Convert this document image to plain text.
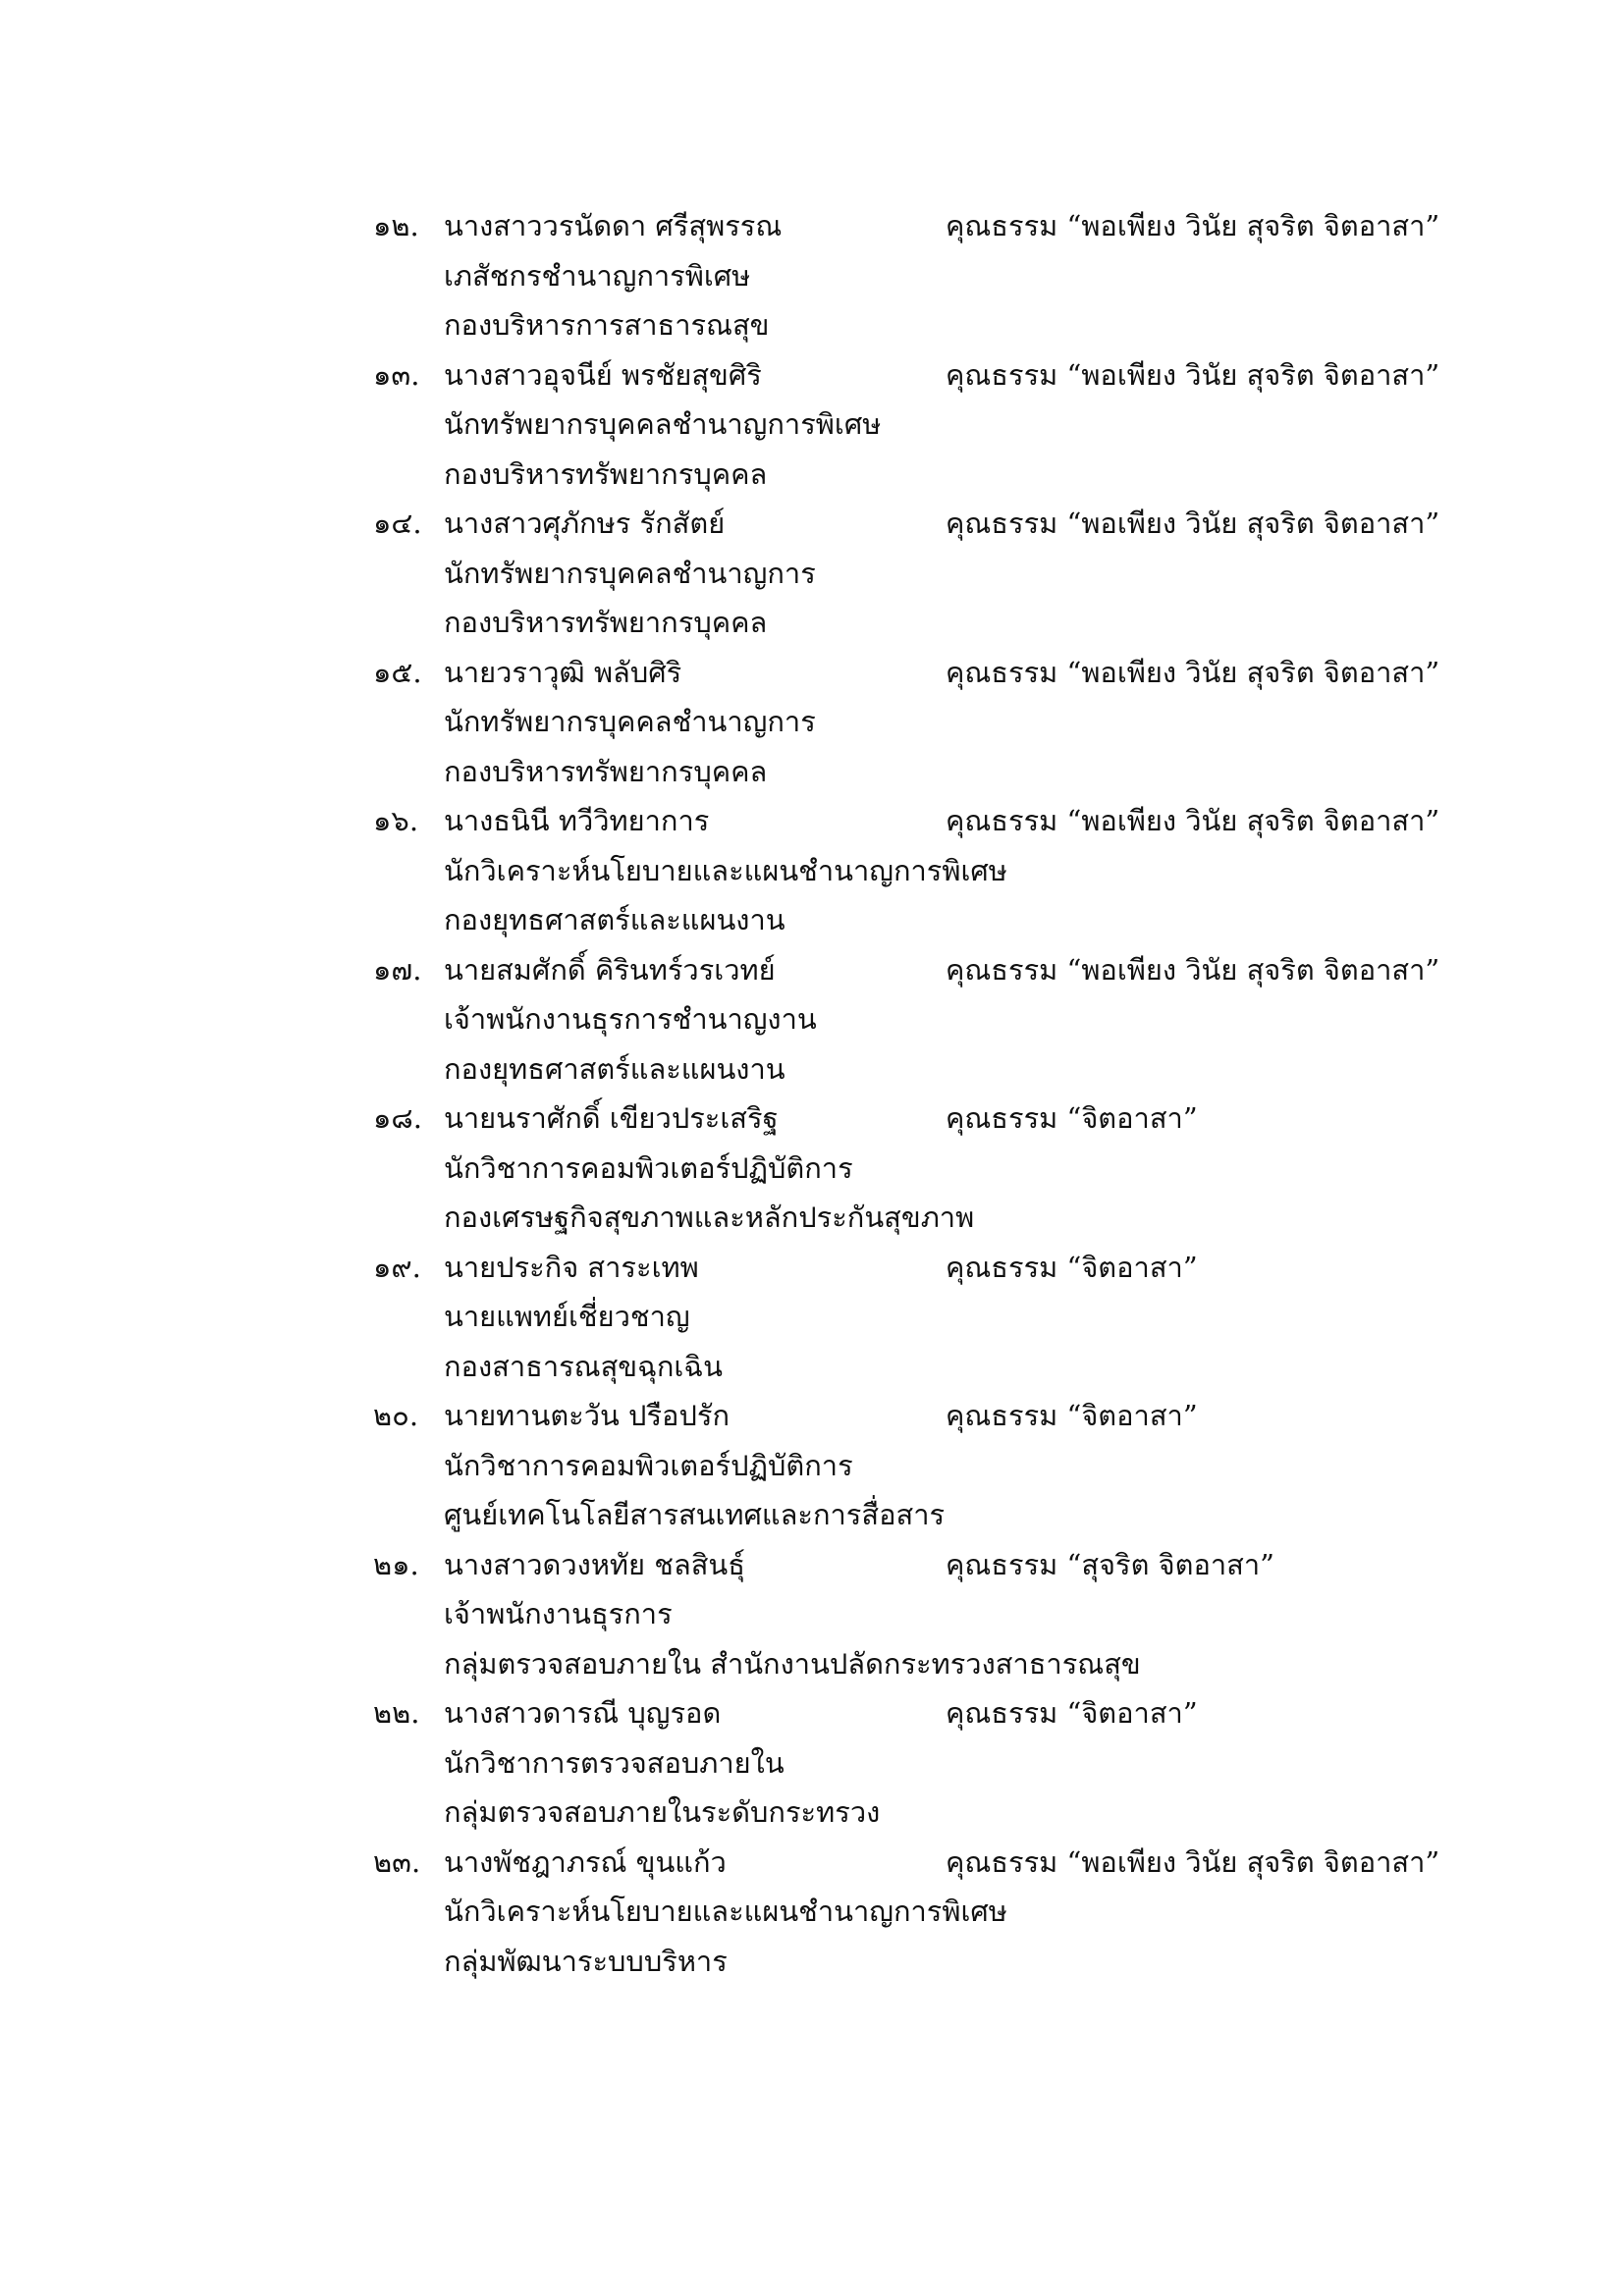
๑๒. นางสาววรนัดดา ศรีสุพรรณ	คุณธรรม “พอเพียง วินัย สุจริต จิตอาสา”
เภสัชกรชำนาญการพิเศษ
กองบริหารการสาธารณสุข
๑๓. นางสาวอุจนีย์ พรชัยสุขศิริ	คุณธรรม “พอเพียง วินัย สุจริต จิตอาสา”
นักทรัพยากรบุคคลชำนาญการพิเศษ
กองบริหารทรัพยากรบุคคล
๑๔. นางสาวศุภักษร รักสัตย์	คุณธรรม “พอเพียง วินัย สุจริต จิตอาสา”
นักทรัพยากรบุคคลชำนาญการ
กองบริหารทรัพยากรบุคคล
๑๕. นายวราวุฒิ พลับศิริ	คุณธรรม “พอเพียง วินัย สุจริต จิตอาสา”
นักทรัพยากรบุคคลชำนาญการ
กองบริหารทรัพยากรบุคคล
๑๖. นางธนินี ทวีวิทยาการ	คุณธรรม “พอเพียง วินัย สุจริต จิตอาสา”
นักวิเคราะห์นโยบายและแผนชำนาญการพิเศษ
กองยุทธศาสตร์และแผนงาน
๑๗. นายสมศักดิ์ คิรินทร์วรเวทย์	คุณธรรม “พอเพียง วินัย สุจริต จิตอาสา”
เจ้าพนักงานธุรการชำนาญงาน
กองยุทธศาสตร์และแผนงาน
๑๘. นายนราศักดิ์ เขียวประเสริฐ	คุณธรรม “จิตอาสา”
นักวิชาการคอมพิวเตอร์ปฏิบัติการ
กองเศรษฐกิจสุขภาพและหลักประกันสุขภาพ
๑๙. นายประกิจ สาระเทพ	คุณธรรม “จิตอาสา”
นายแพทย์เชี่ยวชาญ
กองสาธารณสุขฉุกเฉิน
๒๐. นายทานตะวัน ปรือปรัก	คุณธรรม “จิตอาสา”
นักวิชาการคอมพิวเตอร์ปฏิบัติการ
ศูนย์เทคโนโลยีสารสนเทศและการสื่อสาร
๒๑. นางสาวดวงหทัย ชลสินธุ์	คุณธรรม “สุจริต จิตอาสา”
เจ้าพนักงานธุรการ
กลุ่มตรวจสอบภายใน สำนักงานปลัดกระทรวงสาธารณสุข
๒๒. นางสาวดารณี บุญรอด	คุณธรรม “จิตอาสา”
นักวิชาการตรวจสอบภายใน
กลุ่มตรวจสอบภายในระดับกระทรวง
๒๓. นางพัชฎาภรณ์ ขุนแก้ว	คุณธรรม “พอเพียง วินัย สุจริต จิตอาสา”
นักวิเคราะห์นโยบายและแผนชำนาญการพิเศษ
กลุ่มพัฒนาระบบบริหาร
